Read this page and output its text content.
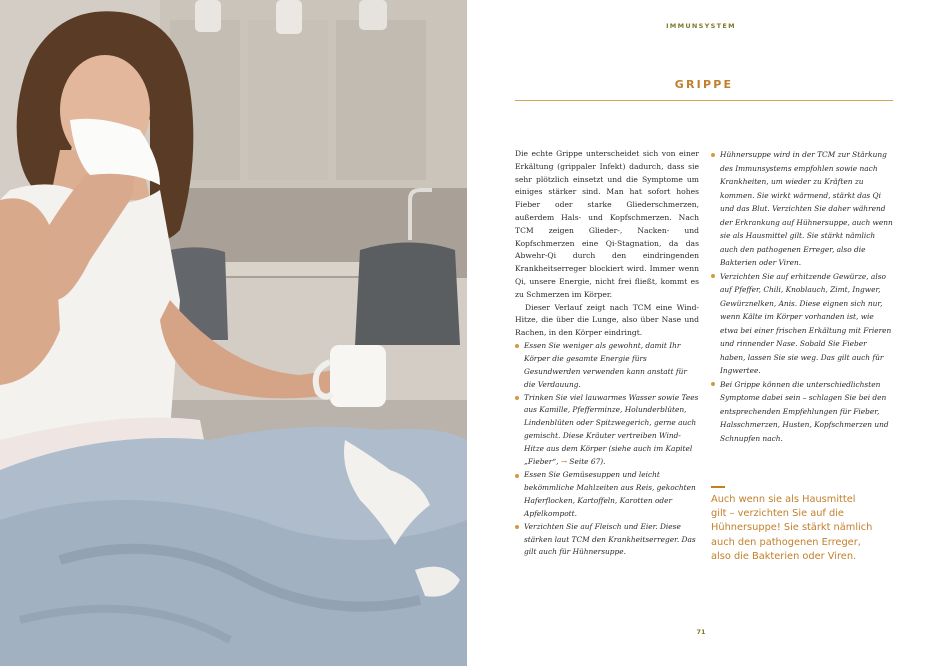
IMMUNSYSTEM
GRIPPE

Die echte Grippe unterscheidet sich von einer Erkältung (grippaler Infekt) dadurch, dass sie sehr plötzlich einsetzt und die Symptome um einiges stärker sind. Man hat sofort hohes Fieber oder starke Gliederschmerzen, außerdem Hals- und Kopfschmerzen. Nach TCM zeigen Glieder-, Nacken- und Kopfschmerzen eine Qi-Stagnation, da das Abwehr-Qi durch den eindringenden Krankheitserreger blockiert wird. Immer wenn Qi, unsere Energie, nicht frei fließt, kommt es zu Schmerzen im Körper.

Dieser Verlauf zeigt nach TCM eine Wind-Hitze, die über die Lunge, also über Nase und Rachen, in den Körper eindringt.

Essen Sie weniger als gewohnt, damit Ihr Körper die gesamte Energie fürs Gesundwerden verwenden kann anstatt für die Verdauung.
Trinken Sie viel lauwarmes Wasser sowie Tees aus Kamille, Pfefferminze, Holunderblüten, Lindenblüten oder Spitzwegerich, gerne auch gemischt. Diese Kräuter vertreiben Wind-Hitze aus dem Körper (siehe auch im Kapitel „Fieber“, → Seite 67).
Essen Sie Gemüsesuppen und leicht bekömmliche Mahlzeiten aus Reis, gekochten Haferflocken, Kartoffeln, Karotten oder Apfelkompott.
Verzichten Sie auf Fleisch und Eier. Diese stärken laut TCM den Krankheitserreger. Das gilt auch für Hühnersuppe.
Hühnersuppe wird in der TCM zur Stärkung des Immunsystems empfohlen sowie nach Krankheiten, um wieder zu Kräften zu kommen. Sie wirkt wärmend, stärkt das Qi und das Blut. Verzichten Sie daher während der Erkrankung auf Hühnersuppe, auch wenn sie als Hausmittel gilt. Sie stärkt nämlich auch den pathogenen Erreger, also die Bakterien oder Viren.
Verzichten Sie auf erhitzende Gewürze, also auf Pfeffer, Chili, Knoblauch, Zimt, Ingwer, Gewürznelken, Anis. Diese eignen sich nur, wenn Kälte im Körper vorhanden ist, wie etwa bei einer frischen Erkältung mit Frieren und rinnender Nase. Sobald Sie Fieber haben, lassen Sie sie weg. Das gilt auch für Ingwertee.
Bei Grippe können die unterschiedlichsten Symptome dabei sein – schlagen Sie bei den entsprechenden Empfehlungen für Fieber, Halsschmerzen, Husten, Kopfschmerzen und Schnupfen nach.
Auch wenn sie als Hausmittel gilt – verzichten Sie auf die Hühnersuppe! Sie stärkt nämlich auch den pathogenen Erreger, also die Bakterien oder Viren.
71
